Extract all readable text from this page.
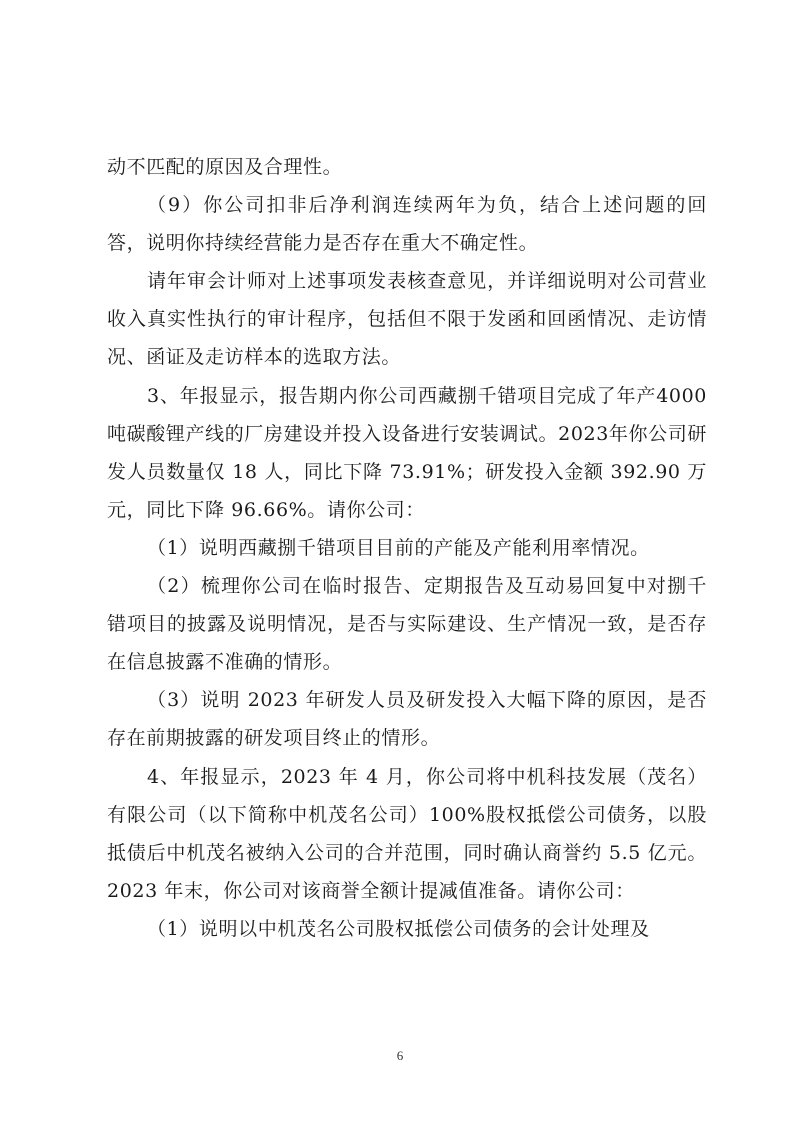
动不匹配的原因及合理性。

（9）你公司扣非后净利润连续两年为负，结合上述问题的回答，说明你持续经营能力是否存在重大不确定性。

请年审会计师对上述事项发表核查意见，并详细说明对公司营业收入真实性执行的审计程序，包括但不限于发函和回函情况、走访情况、函证及走访样本的选取方法。

3、年报显示，报告期内你公司西藏捌千错项目完成了年产4000 吨碳酸锂产线的厂房建设并投入设备进行安装调试。2023年你公司研发人员数量仅 18 人，同比下降 73.91%；研发投入金额 392.90 万元，同比下降 96.66%。请你公司：

（1）说明西藏捌千错项目目前的产能及产能利用率情况。

（2）梳理你公司在临时报告、定期报告及互动易回复中对捌千错项目的披露及说明情况，是否与实际建设、生产情况一致，是否存在信息披露不准确的情形。

（3）说明 2023 年研发人员及研发投入大幅下降的原因，是否存在前期披露的研发项目终止的情形。

4、年报显示，2023 年 4 月，你公司将中机科技发展（茂名）有限公司（以下简称中机茂名公司）100%股权抵偿公司债务，以股抵债后中机茂名被纳入公司的合并范围，同时确认商誉约 5.5 亿元。2023 年末，你公司对该商誉全额计提减值准备。请你公司：

（1）说明以中机茂名公司股权抵偿公司债务的会计处理及

6
